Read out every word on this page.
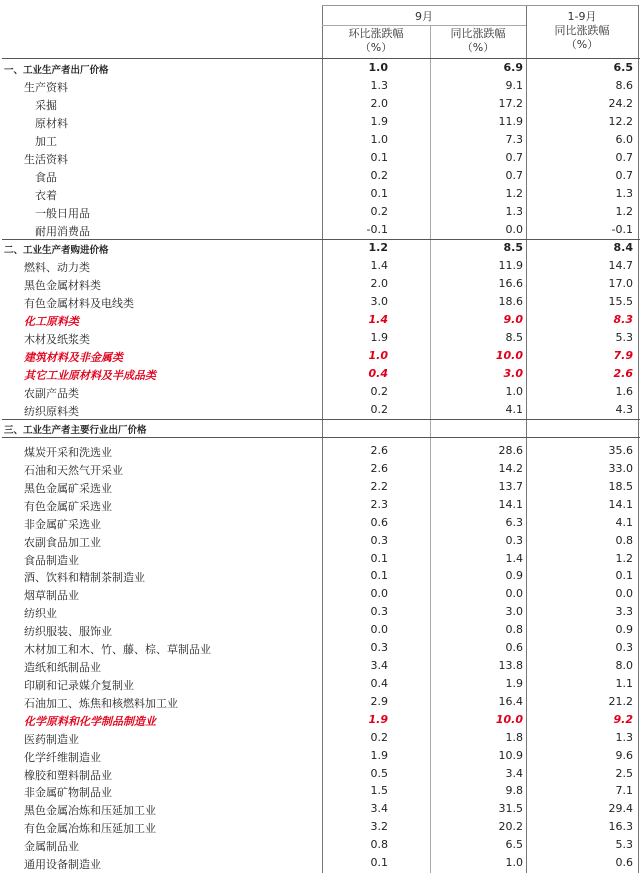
9月
环比涨跌幅
（%）
同比涨跌幅
（%）
1-9月
同比涨跌幅
（%）
一、工业生产者出厂价格	1.0	6.9	6.5
生产资料	1.3	9.1	8.6
采掘	2.0	17.2	24.2
原材料	1.9	11.9	12.2
加工	1.0	7.3	6.0
生活资料	0.1	0.7	0.7
食品	0.2	0.7	0.7
衣着	0.1	1.2	1.3
一般日用品	0.2	1.3	1.2
耐用消费品	-0.1	0.0	-0.1
二、工业生产者购进价格	1.2	8.5	8.4
燃料、动力类	1.4	11.9	14.7
黑色金属材料类	2.0	16.6	17.0
有色金属材料及电线类	3.0	18.6	15.5
化工原料类	1.4	9.0	8.3
木材及纸浆类	1.9	8.5	5.3
建筑材料及非金属类	1.0	10.0	7.9
其它工业原材料及半成品类	0.4	3.0	2.6
农副产品类	0.2	1.0	1.6
纺织原料类	0.2	4.1	4.3
三、工业生产者主要行业出厂价格
煤炭开采和洗选业	2.6	28.6	35.6
石油和天然气开采业	2.6	14.2	33.0
黑色金属矿采选业	2.2	13.7	18.5
有色金属矿采选业	2.3	14.1	14.1
非金属矿采选业	0.6	6.3	4.1
农副食品加工业	0.3	0.3	0.8
食品制造业	0.1	1.4	1.2
酒、饮料和精制茶制造业	0.1	0.9	0.1
烟草制品业	0.0	0.0	0.0
纺织业	0.3	3.0	3.3
纺织服装、服饰业	0.0	0.8	0.9
木材加工和木、竹、藤、棕、草制品业	0.3	0.6	0.3
造纸和纸制品业	3.4	13.8	8.0
印刷和记录媒介复制业	0.4	1.9	1.1
石油加工、炼焦和核燃料加工业	2.9	16.4	21.2
化学原料和化学制品制造业	1.9	10.0	9.2
医药制造业	0.2	1.8	1.3
化学纤维制造业	1.9	10.9	9.6
橡胶和塑料制品业	0.5	3.4	2.5
非金属矿物制品业	1.5	9.8	7.1
黑色金属冶炼和压延加工业	3.4	31.5	29.4
有色金属冶炼和压延加工业	3.2	20.2	16.3
金属制品业	0.8	6.5	5.3
通用设备制造业	0.1	1.0	0.6
